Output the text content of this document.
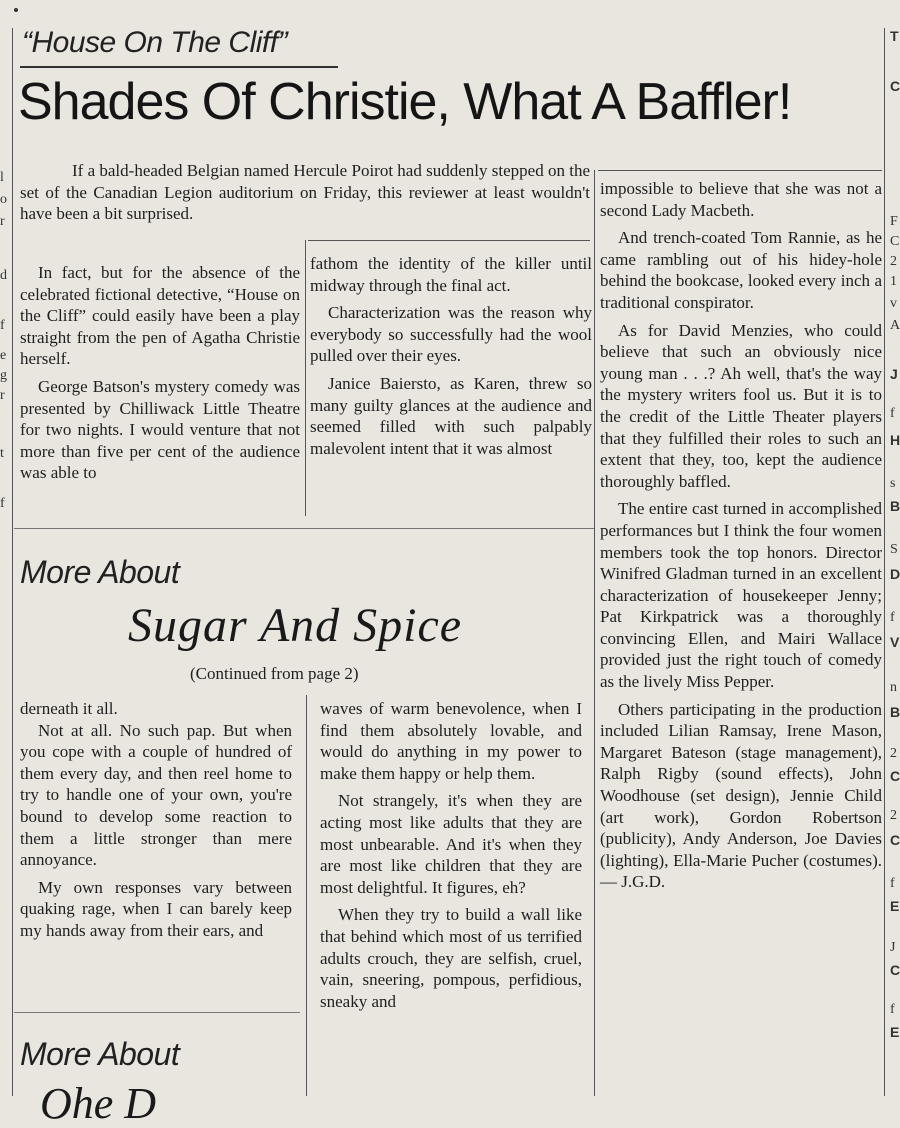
l
o
r
d
f
e
g
r
t
f
“House On The Cliff”
Shades Of Christie, What A Baffler!

If a bald-headed Belgian named Hercule Poirot had suddenly stepped on the set of the Canadian Legion auditorium on Friday, this reviewer at least wouldn't have been a bit surprised.

In fact, but for the absence of the celebrated fictional detective, “House on the Cliff” could easily have been a play straight from the pen of Agatha Christie herself.

George Batson's mystery comedy was presented by Chilliwack Little Theatre for two nights. I would venture that not more than five per cent of the audience was able to

fathom the identity of the killer until midway through the final act.

Characterization was the reason why everybody so successfully had the wool pulled over their eyes.

Janice Baiersto, as Karen, threw so many guilty glances at the audience and seemed filled with such palpably malevolent intent that it was almost

impossible to believe that she was not a second Lady Macbeth.

And trench-coated Tom Rannie, as he came rambling out of his hidey-hole behind the bookcase, looked every inch a traditional conspirator.

As for David Menzies, who could believe that such an obviously nice young man . . .? Ah well, that's the way the mystery writers fool us. But it is to the credit of the Little Theater players that they fulfilled their roles to such an extent that they, too, kept the audience thoroughly baffled.

The entire cast turned in accomplished performances but I think the four women members took the top honors. Director Winifred Gladman turned in an excellent characterization of housekeeper Jenny; Pat Kirkpatrick was a thoroughly convincing Ellen, and Mairi Wallace provided just the right touch of comedy as the lively Miss Pepper.

Others participating in the production included Lilian Ramsay, Irene Mason, Margaret Bateson (stage management), Ralph Rigby (sound effects), John Woodhouse (set design), Jennie Child (art work), Gordon Robertson (publicity), Andy Anderson, Joe Davies (lighting), Ella-Marie Pucher (costumes). — J.G.D.

More About
Sugar And Spice
(Continued from page 2)

derneath it all.

Not at all. No such pap. But when you cope with a couple of hundred of them every day, and then reel home to try to handle one of your own, you're bound to develop some reaction to them a little stronger than mere annoyance.

My own responses vary between quaking rage, when I can barely keep my hands away from their ears, and

waves of warm benevolence, when I find them absolutely lovable, and would do anything in my power to make them happy or help them.

Not strangely, it's when they are acting most like adults that they are most unbearable. And it's when they are most like children that they are most delightful. It figures, eh?

When they try to build a wall like that behind which most of us terrified adults crouch, they are selfish, cruel, vain, sneering, pompous, perfidious, sneaky and

More About
Ohe D
T
C
F
C
2
1
v
A
J
f
H
s
B
S
D
f
V
n
B
2
C
2
C
f
E
J
C
f
E
